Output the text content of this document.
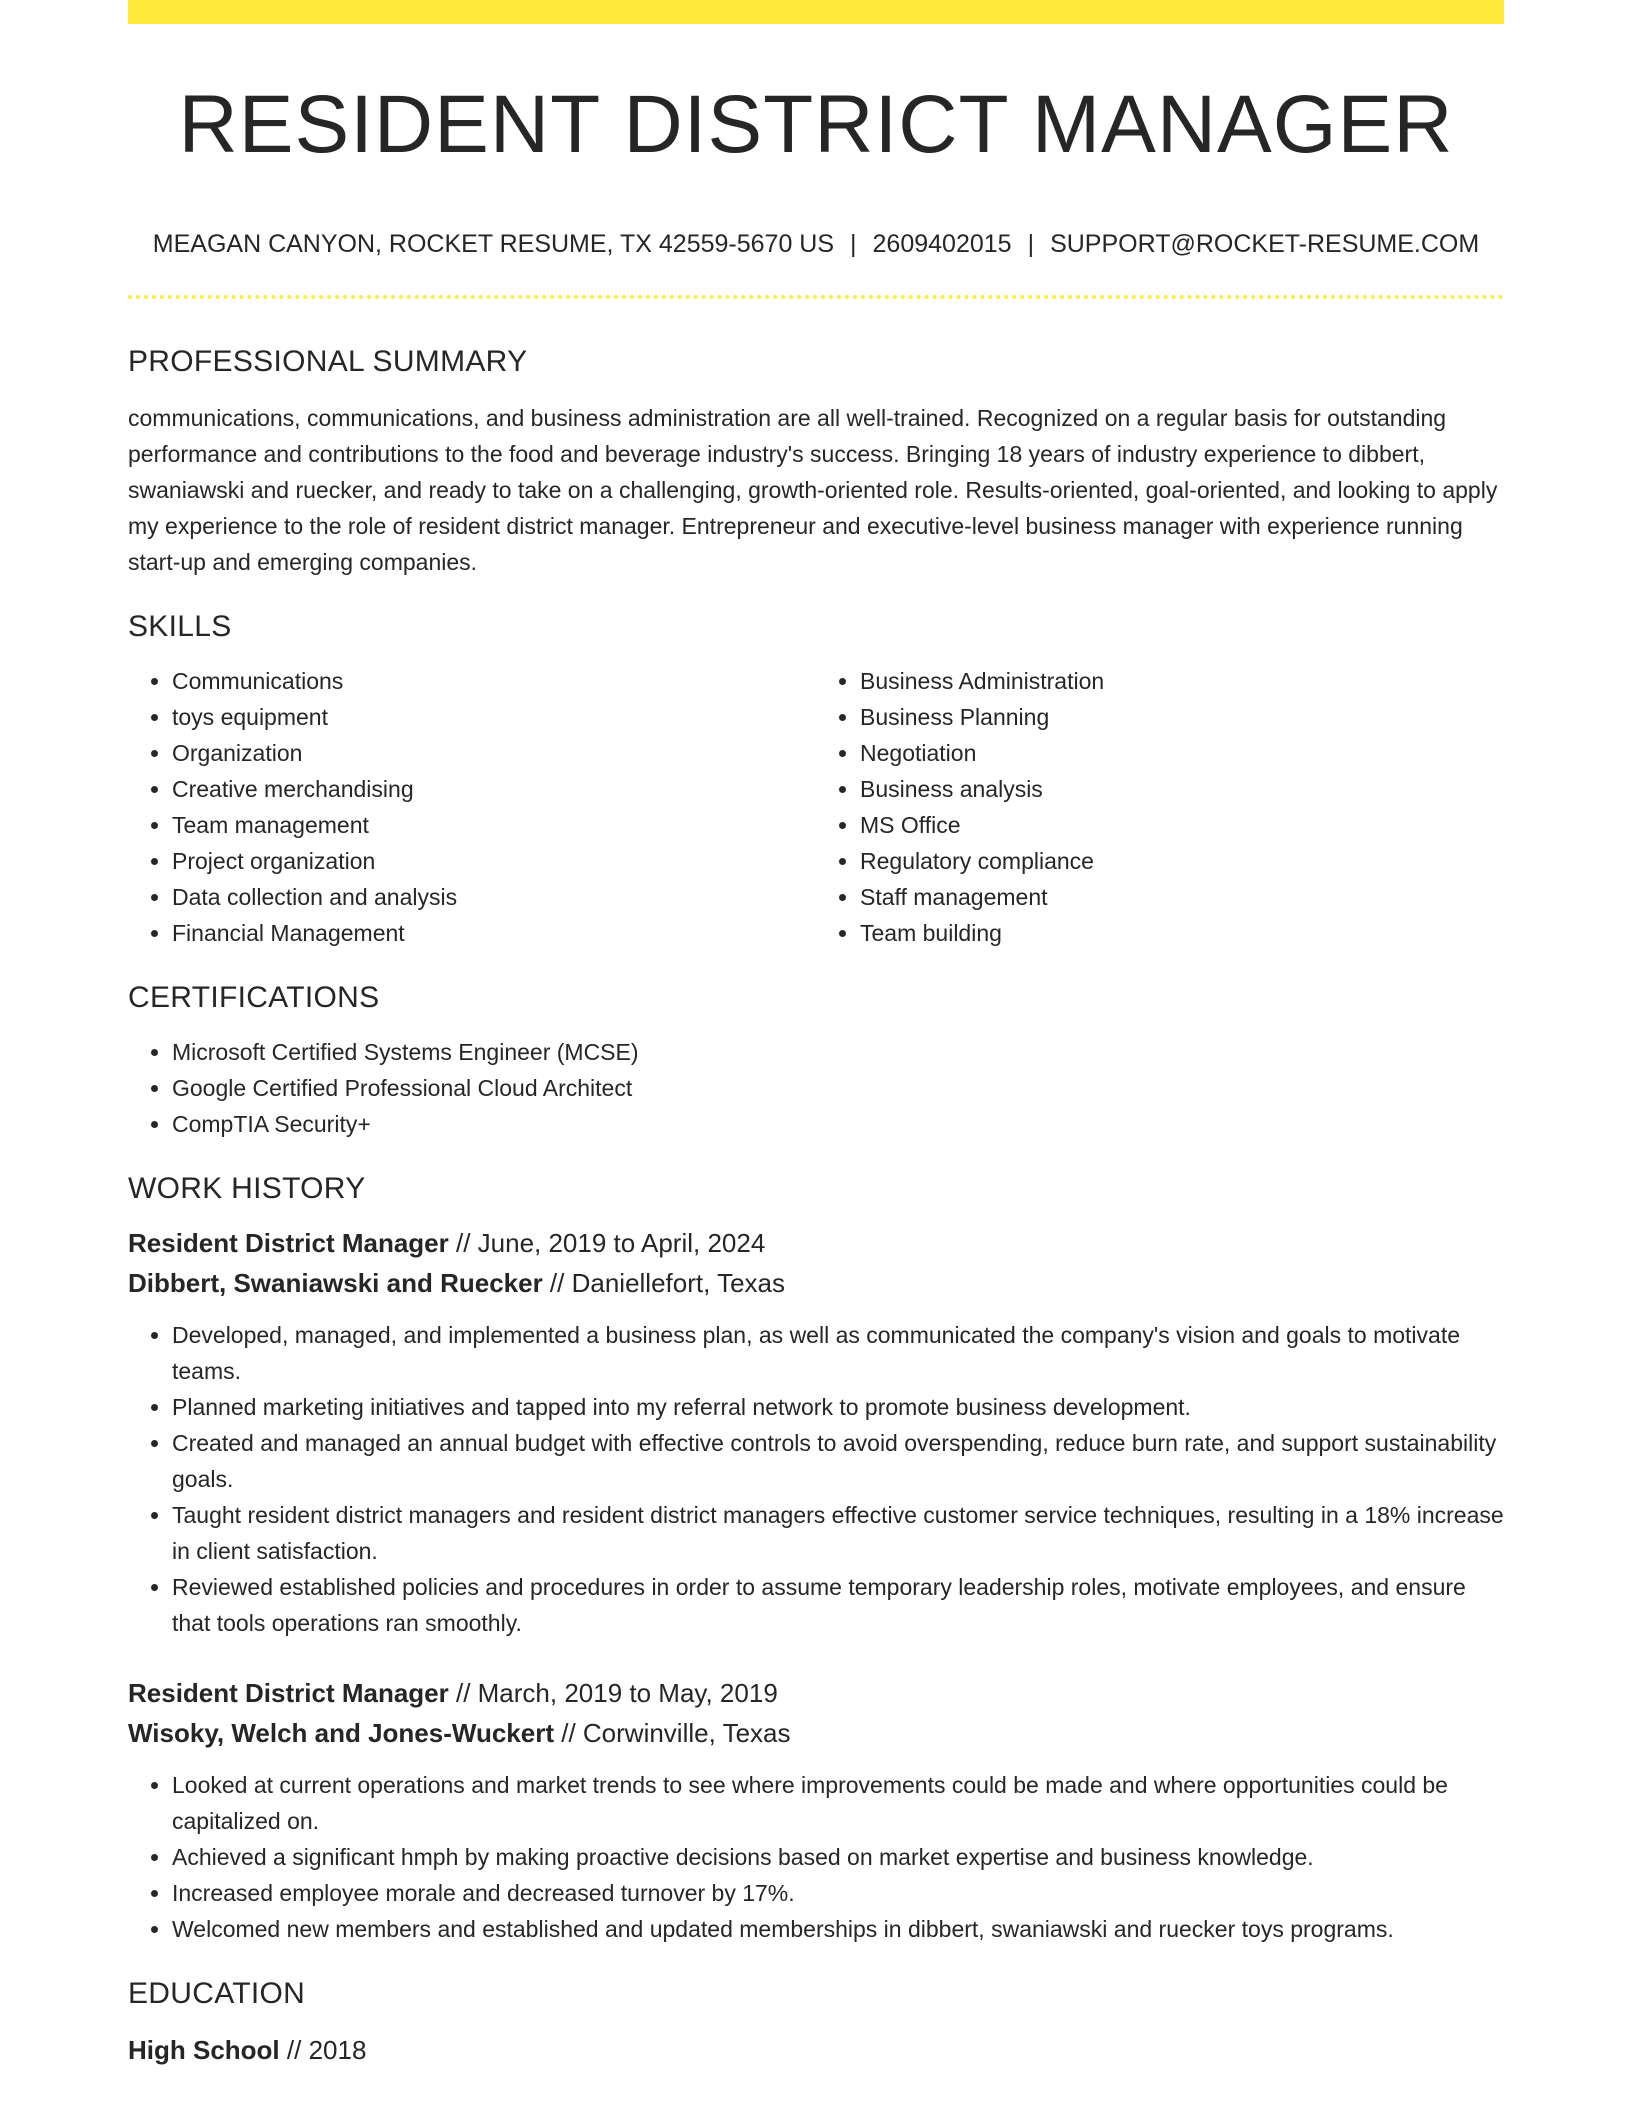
RESIDENT DISTRICT MANAGER
MEAGAN CANYON, ROCKET RESUME, TX 42559-5670 US | 2609402015 | SUPPORT@ROCKET-RESUME.COM
PROFESSIONAL SUMMARY
communications, communications, and business administration are all well-trained. Recognized on a regular basis for outstanding performance and contributions to the food and beverage industry's success. Bringing 18 years of industry experience to dibbert, swaniawski and ruecker, and ready to take on a challenging, growth-oriented role. Results-oriented, goal-oriented, and looking to apply my experience to the role of resident district manager. Entrepreneur and executive-level business manager with experience running start-up and emerging companies.
SKILLS
• Communications
• toys equipment
• Organization
• Creative merchandising
• Team management
• Project organization
• Data collection and analysis
• Financial Management
• Business Administration
• Business Planning
• Negotiation
• Business analysis
• MS Office
• Regulatory compliance
• Staff management
• Team building
CERTIFICATIONS
• Microsoft Certified Systems Engineer (MCSE)
• Google Certified Professional Cloud Architect
• CompTIA Security+
WORK HISTORY
Resident District Manager // June, 2019 to April, 2024
Dibbert, Swaniawski and Ruecker // Daniellefort, Texas
• Developed, managed, and implemented a business plan, as well as communicated the company's vision and goals to motivate teams.
• Planned marketing initiatives and tapped into my referral network to promote business development.
• Created and managed an annual budget with effective controls to avoid overspending, reduce burn rate, and support sustainability goals.
• Taught resident district managers and resident district managers effective customer service techniques, resulting in a 18% increase in client satisfaction.
• Reviewed established policies and procedures in order to assume temporary leadership roles, motivate employees, and ensure that tools operations ran smoothly.
Resident District Manager // March, 2019 to May, 2019
Wisoky, Welch and Jones-Wuckert // Corwinville, Texas
• Looked at current operations and market trends to see where improvements could be made and where opportunities could be capitalized on.
• Achieved a significant hmph by making proactive decisions based on market expertise and business knowledge.
• Increased employee morale and decreased turnover by 17%.
• Welcomed new members and established and updated memberships in dibbert, swaniawski and ruecker toys programs.
EDUCATION
High School // 2018
